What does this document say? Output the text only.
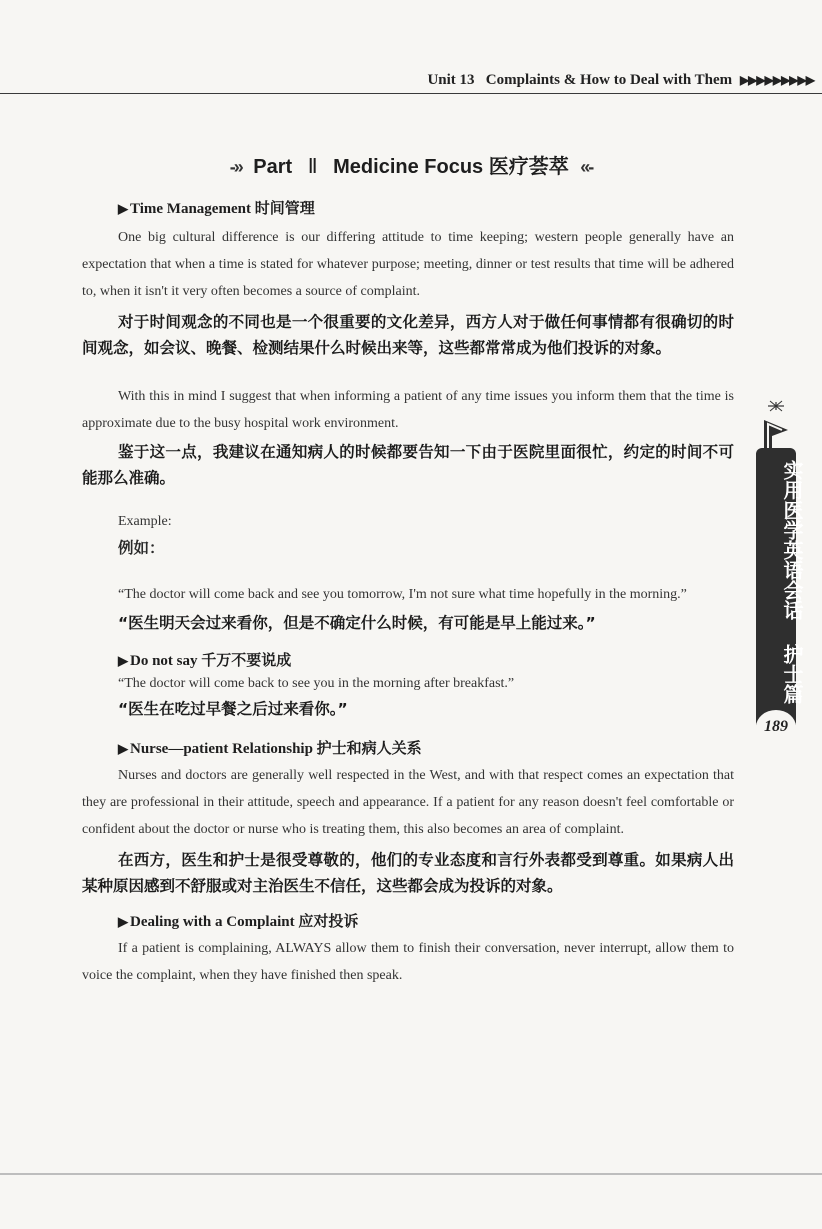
Unit 13 Complaints & How to Deal with Them ▶▶▶▶▶▶▶▶▶
-›› Part Ⅱ Medicine Focus 医疗荟萃 ‹‹-
▶ Time Management 时间管理

One big cultural difference is our differing attitude to time keeping; western people generally have an expectation that when a time is stated for whatever purpose; meeting, dinner or test results that time will be adhered to, when it isn't it very often becomes a source of complaint.

对于时间观念的不同也是一个很重要的文化差异，西方人对于做任何事情都有很确切的时间观念，如会议、晚餐、检测结果什么时候出来等，这些都常常成为他们投诉的对象。

With this in mind I suggest that when informing a patient of any time issues you inform them that the time is approximate due to the busy hospital work environment.

鉴于这一点，我建议在通知病人的时候都要告知一下由于医院里面很忙，约定的时间不可能那么准确。

Example:

例如：

“The doctor will come back and see you tomorrow, I'm not sure what time hopefully in the morning.”

“医生明天会过来看你，但是不确定什么时候，有可能是早上能过来。”

▶ Do not say 千万不要说成

“The doctor will come back to see you in the morning after breakfast.”

“医生在吃过早餐之后过来看你。”

▶ Nurse—patient Relationship 护士和病人关系

Nurses and doctors are generally well respected in the West, and with that respect comes an expectation that they are professional in their attitude, speech and appearance. If a patient for any reason doesn't feel comfortable or confident about the doctor or nurse who is treating them, this also becomes an area of complaint.

在西方，医生和护士是很受尊敬的，他们的专业态度和言行外表都受到尊重。如果病人出某种原因感到不舒服或对主治医生不信任，这些都会成为投诉的对象。

▶ Dealing with a Complaint 应对投诉

If a patient is complaining, ALWAYS allow them to finish their conversation, never interrupt, allow them to voice the complaint, when they have finished then speak.

实用医学英语会话  护士篇
189
